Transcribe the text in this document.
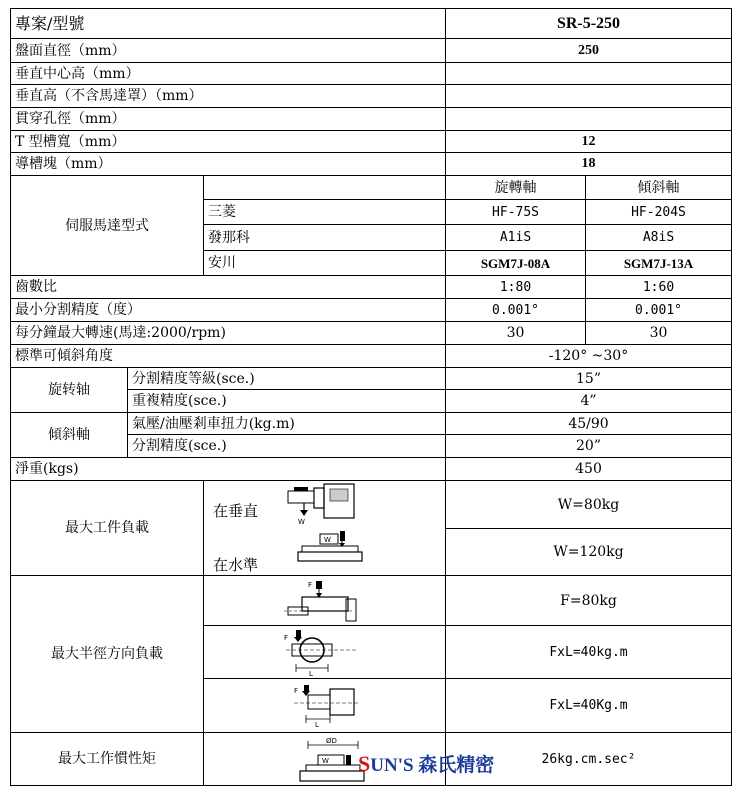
專案/型號	SR-5-250
盤面直徑（mm）	250
垂直中心高（mm）
垂直高（不含馬達罩）（mm）
貫穿孔徑（mm）
T 型槽寬（mm）	12
導槽塊（mm）	18
伺服馬達型式
旋轉軸	傾斜軸
三菱	HF-75S	HF-204S
發那科	A1iS	A8iS
安川	SGM7J-08A	SGM7J-13A
齒數比	1:80	1:60
最小分割精度（度）	0.001°	0.001°
每分鐘最大轉速(馬達:2000/rpm)	30	30
標準可傾斜角度	-120° ~30°
旋转轴
分割精度等級(sce.)	15”
重複精度(sce.)	4”
傾斜軸
氣壓/油壓剎車扭力(kg.m)	45/90
分割精度(sce.)	20”
淨重(kgs)	450
最大工件負載
W=80kg
W=120kg
最大半徑方向負載
F=80kg
FxL=40kg.m
FxL=40Kg.m
最大工作慣性矩	26kg.cm.sec²
在垂直
在水準
W
W
F
F
L
F
L
ØD
W SUN'S 森氏精密
